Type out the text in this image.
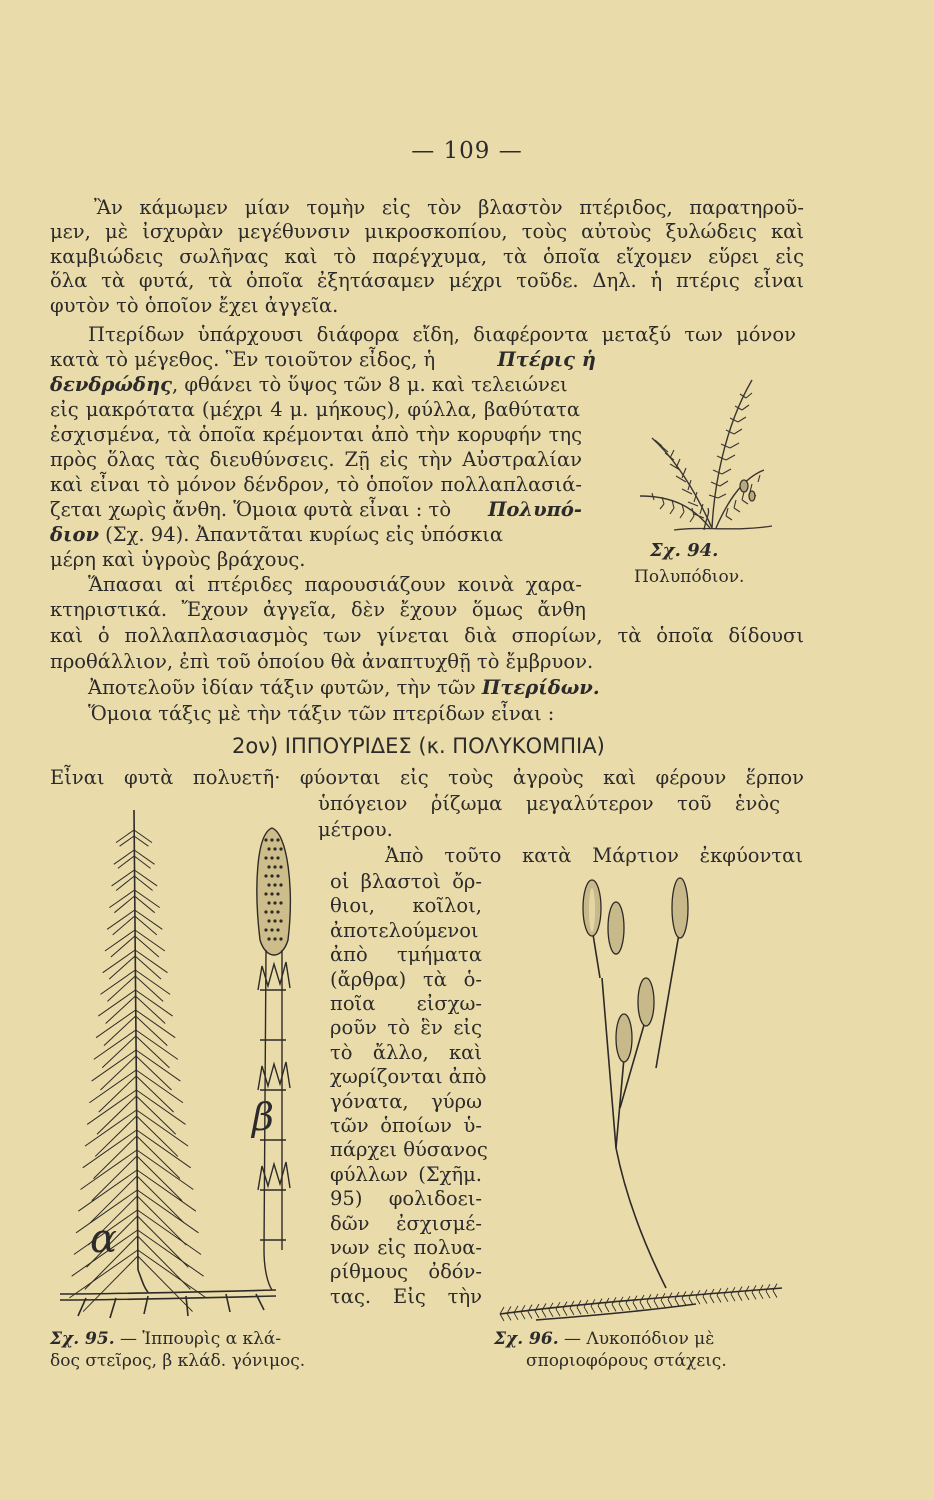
— 109 —
Ἂν κάμωμεν μίαν τομὴν εἰς τὸν βλαστὸν πτέριδος, παρατηροῦ-
μεν, μὲ ἰσχυρὰν μεγέθυνσιν μικροσκοπίου, τοὺς αὐτοὺς ξυλώδεις καὶ
καμβιώδεις σωλῆνας καὶ τὸ παρέγχυμα, τὰ ὁποῖα εἴχομεν εὕρει εἰς
ὅλα τὰ φυτά, τὰ ὁποῖα ἐξητάσαμεν μέχρι τοῦδε. Δηλ. ἡ πτέρις εἶναι
φυτὸν τὸ ὁποῖον ἔχει ἀγγεῖα.
Πτερίδων ὑπάρχουσι διάφορα εἴδη, διαφέροντα μεταξύ των μόνον
κατὰ τὸ μέγεθος. Ἓν τοιοῦτον εἶδος, ἡ	Πτέρις ἡ
δενδρώδης, φθάνει τὸ ὕψος τῶν 8 μ. καὶ τελειώνει
εἰς μακρότατα (μέχρι 4 μ. μήκους), φύλλα, βαθύτατα
ἐσχισμένα, τὰ ὁποῖα κρέμονται ἀπὸ τὴν κορυφήν της
πρὸς ὅλας τὰς διευθύνσεις. Ζῇ εἰς τὴν Αὐστραλίαν
καὶ εἶναι τὸ μόνον δένδρον, τὸ ὁποῖον πολλαπλασιά-
ζεται χωρὶς ἄνθη. Ὅμοια φυτὰ εἶναι : τὸ Πολυπό-
διον (Σχ. 94). Ἀπαντᾶται κυρίως εἰς ὑπόσκια
μέρη καὶ ὑγροὺς βράχους.
Ἅπασαι αἱ πτέριδες παρουσιάζουν κοινὰ χαρα-
κτηριστικά. Ἔχουν ἀγγεῖα, δὲν ἔχουν ὅμως ἄνθη
καὶ ὁ πολλαπλασιασμὸς των γίνεται διὰ σπορίων, τὰ ὁποῖα δίδουσι
προθάλλιον, ἐπὶ τοῦ ὁποίου θὰ ἀναπτυχθῇ τὸ ἔμβρυον.
Ἀποτελοῦν ἰδίαν τάξιν φυτῶν, τὴν τῶν Πτερίδων.
Ὅμοια τάξις μὲ τὴν τάξιν τῶν πτερίδων εἶναι :
2ον) ΙΠΠΟΥΡΙΔΕΣ (κ. ΠΟΛΥΚΟΜΠΙΑ)
Εἶναι φυτὰ πολυετῆ· φύονται εἰς τοὺς ἀγροὺς καὶ φέρουν ἕρπον
ὑπόγειον ῥίζωμα μεγαλύτερον τοῦ ἑνὸς
μέτρου.
Ἀπὸ τοῦτο κατὰ Μάρτιον ἐκφύονται
οἱ βλαστοὶ ὄρ-
θιοι, κοῖλοι,
ἀποτελούμενοι
ἀπὸ τμήματα
(ἄρθρα) τὰ ὁ-
ποῖα εἰσχω-
ροῦν τὸ ἓν εἰς
τὸ ἄλλο, καὶ
χωρίζονται ἀπὸ
γόνατα, γύρω
τῶν ὁποίων ὑ-
πάρχει θύσανος
φύλλων (Σχῆμ.
95) φολιδοει-
δῶν ἐσχισμέ-
νων εἰς πολυα-
ρίθμους ὀδόν-
τας. Εἰς τὴν
Σχ. 94.
Πολυπόδιον.
α
β
Σχ. 95. — Ἱππουρὶς α κλά-
δος στεῖρος, β κλάδ. γόνιμος.
Σχ. 96. — Λυκοπόδιον μὲ
σποριοφόρους στάχεις.
